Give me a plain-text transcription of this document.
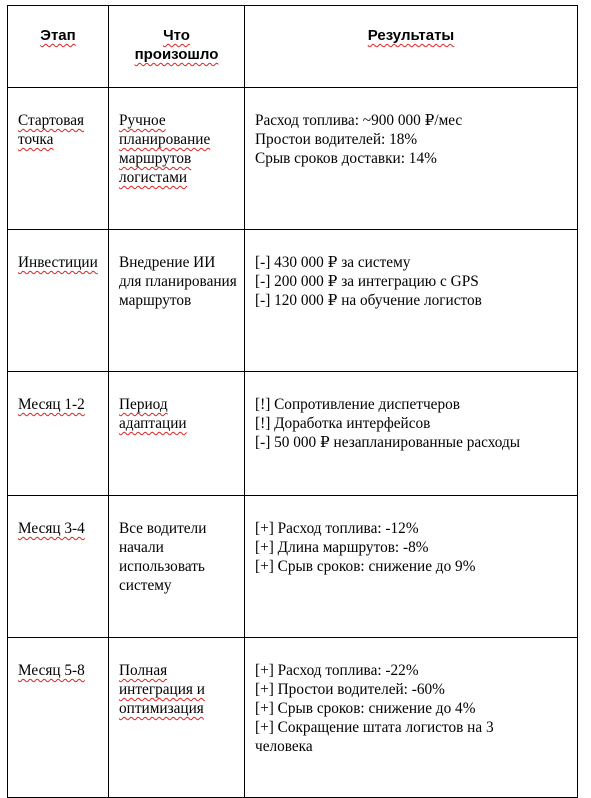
Этап	Что произошло	Результаты
Стартовая точка	Ручное планирование маршрутов логистами	Расход топлива: ~900 000 ₽/мес
Простои водителей: 18%
Срыв сроков доставки: 14%

Инвестиции	Внедрение ИИ для планирования маршрутов	[-] 430 000 ₽ за систему
[-] 200 000 ₽ за интеграцию с GPS
[-] 120 000 ₽ на обучение логистов

Месяц 1-2	Период адаптации	[!] Сопротивление диспетчеров
[!] Доработка интерфейсов
[-] 50 000 ₽ незапланированные расходы

Месяц 3-4	Все водители начали использовать систему	[+] Расход топлива: -12%
[+] Длина маршрутов: -8%
[+] Срыв сроков: снижение до 9%

Месяц 5-8	Полная интеграция и оптимизация	[+] Расход топлива: -22%
[+] Простои водителей: -60%
[+] Срыв сроков: снижение до 4%
[+] Сокращение штата логистов на 3
человека
